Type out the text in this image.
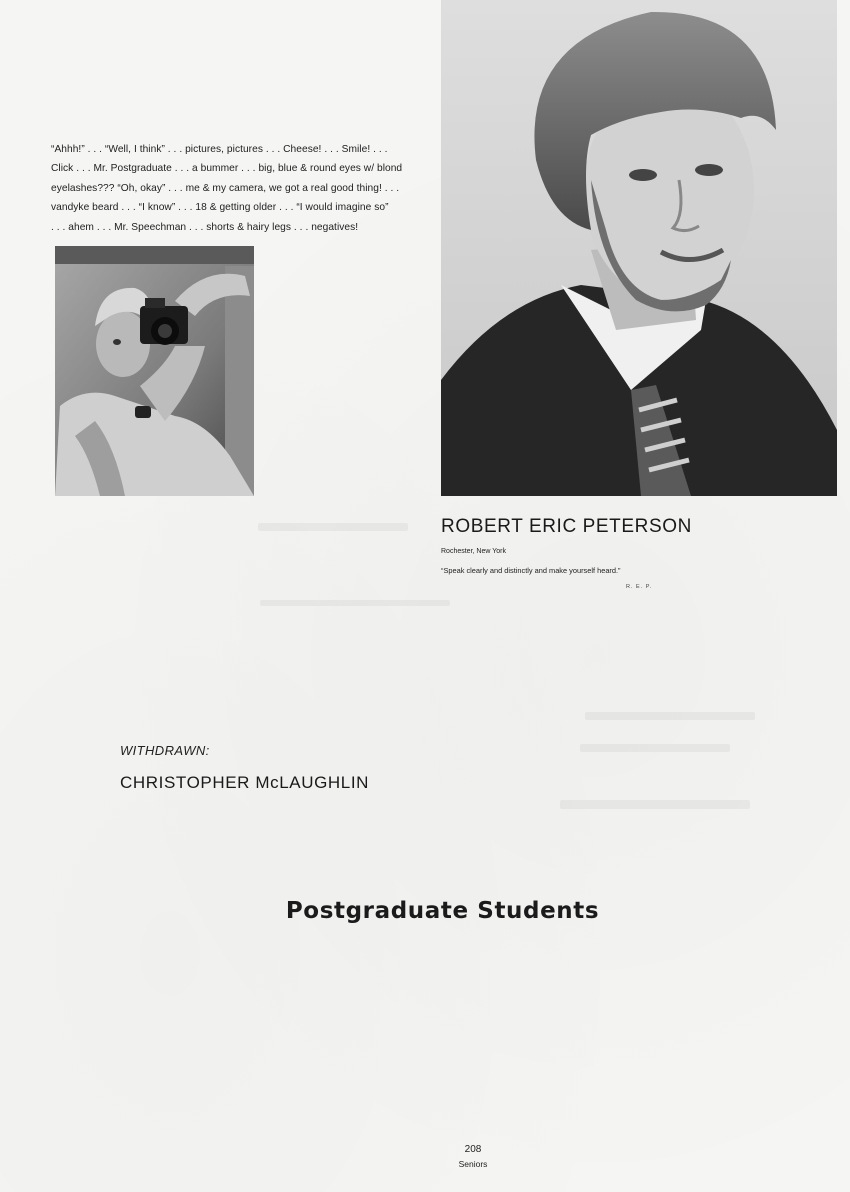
“Ahhh!” . . . “Well, I think” . . . pictures, pictures . . . Cheese! . . . Smile! . . .
Click . . . Mr. Postgraduate . . . a bummer . . . big, blue & round eyes w/ blond
eyelashes??? “Oh, okay” . . . me & my camera, we got a real good thing! . . .
vandyke beard . . . “I know” . . . 18 & getting older . . . “I would imagine so”
. . . ahem . . . Mr. Speechman . . . shorts & hairy legs . . . negatives!
ROBERT ERIC PETERSON
Rochester, New York
“Speak clearly and distinctly and make yourself heard.”
R. E. P.
WITHDRAWN:
CHRISTOPHER McLAUGHLIN
Postgraduate Students
208
Seniors
